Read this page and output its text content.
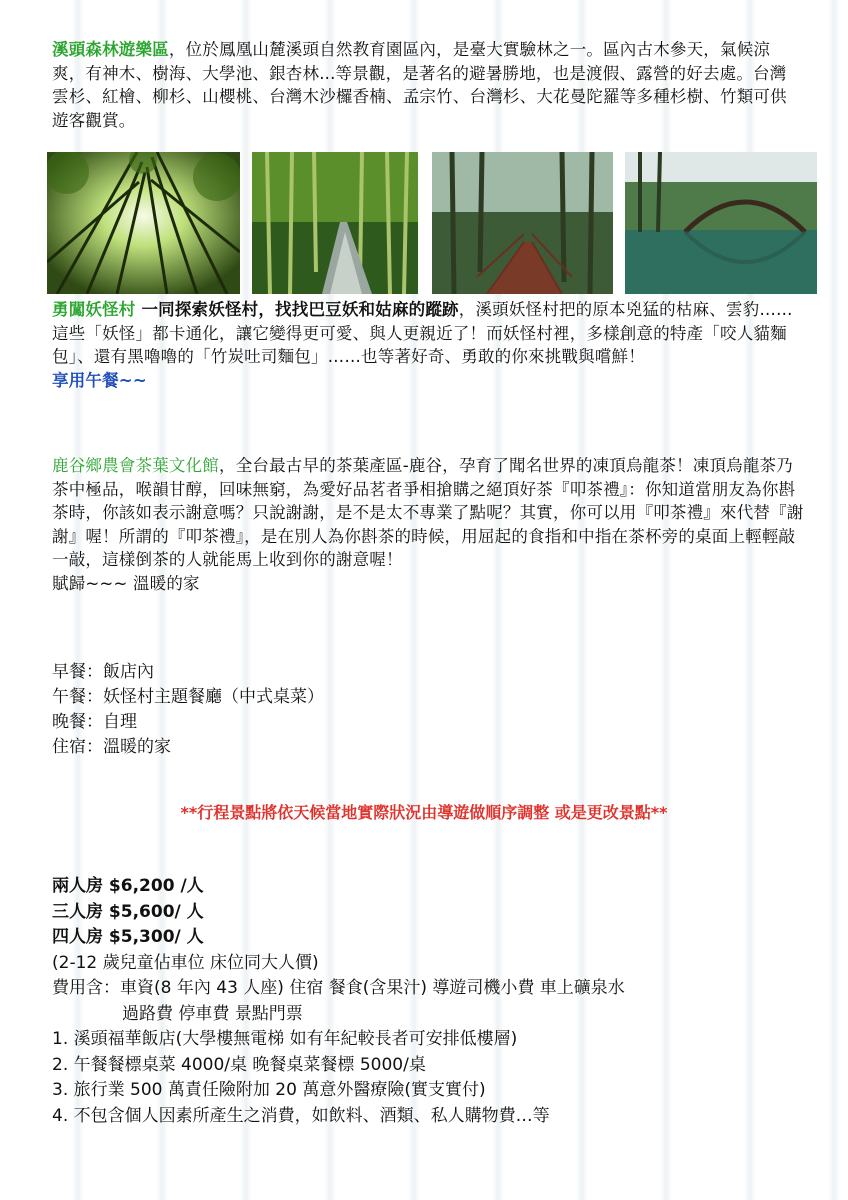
溪頭森林遊樂區，位於鳳凰山麓溪頭自然教育園區內，是臺大實驗林之一。區內古木參天，氣候涼爽，有神木、樹海、大學池、銀杏林...等景觀，是著名的避暑勝地，也是渡假、露營的好去處。台灣雲杉、紅檜、柳杉、山櫻桃、台灣木沙欏香楠、孟宗竹、台灣杉、大花曼陀羅等多種杉樹、竹類可供遊客觀賞。

勇闖妖怪村 一同探索妖怪村，找找巴豆妖和姑麻的蹤跡，溪頭妖怪村把的原本兇猛的枯麻、雲豹……這些「妖怪」都卡通化，讓它變得更可愛、與人更親近了！而妖怪村裡，多樣創意的特產「咬人貓麵包」、還有黑嚕嚕的「竹炭吐司麵包」……也等著好奇、勇敢的你來挑戰與嚐鮮！

享用午餐~~

鹿谷鄉農會茶葉文化館，全台最古早的茶葉產區-鹿谷，孕育了聞名世界的凍頂烏龍茶！凍頂烏龍茶乃茶中極品，喉韻甘醇，回味無窮，為愛好品茗者爭相搶購之絕頂好茶『叩茶禮』：你知道當朋友為你斟茶時，你該如表示謝意嗎？只說謝謝，是不是太不專業了點呢？其實，你可以用『叩茶禮』來代替『謝謝』喔！所謂的『叩茶禮』，是在別人為你斟茶的時候，用屈起的食指和中指在茶杯旁的桌面上輕輕敲一敲，這樣倒茶的人就能馬上收到你的謝意喔！

賦歸~~~ 溫暖的家

早餐：飯店內
午餐：妖怪村主題餐廳（中式桌菜）
晚餐：自理
住宿：溫暖的家
**行程景點將依天候當地實際狀況由導遊做順序調整 或是更改景點**
兩人房 $6,200 /人
三人房 $5,600/ 人
四人房 $5,300/ 人
(2-12 歲兒童佔車位 床位同大人價)
費用含：車資(8 年內 43 人座) 住宿 餐食(含果汁) 導遊司機小費 車上礦泉水
過路費 停車費 景點門票
1. 溪頭福華飯店(大學樓無電梯 如有年紀較長者可安排低樓層)
2. 午餐餐標桌菜 4000/桌 晚餐桌菜餐標 5000/桌
3. 旅行業 500 萬責任險附加 20 萬意外醫療險(實支實付)
4. 不包含個人因素所產生之消費，如飲料、酒類、私人購物費…等
